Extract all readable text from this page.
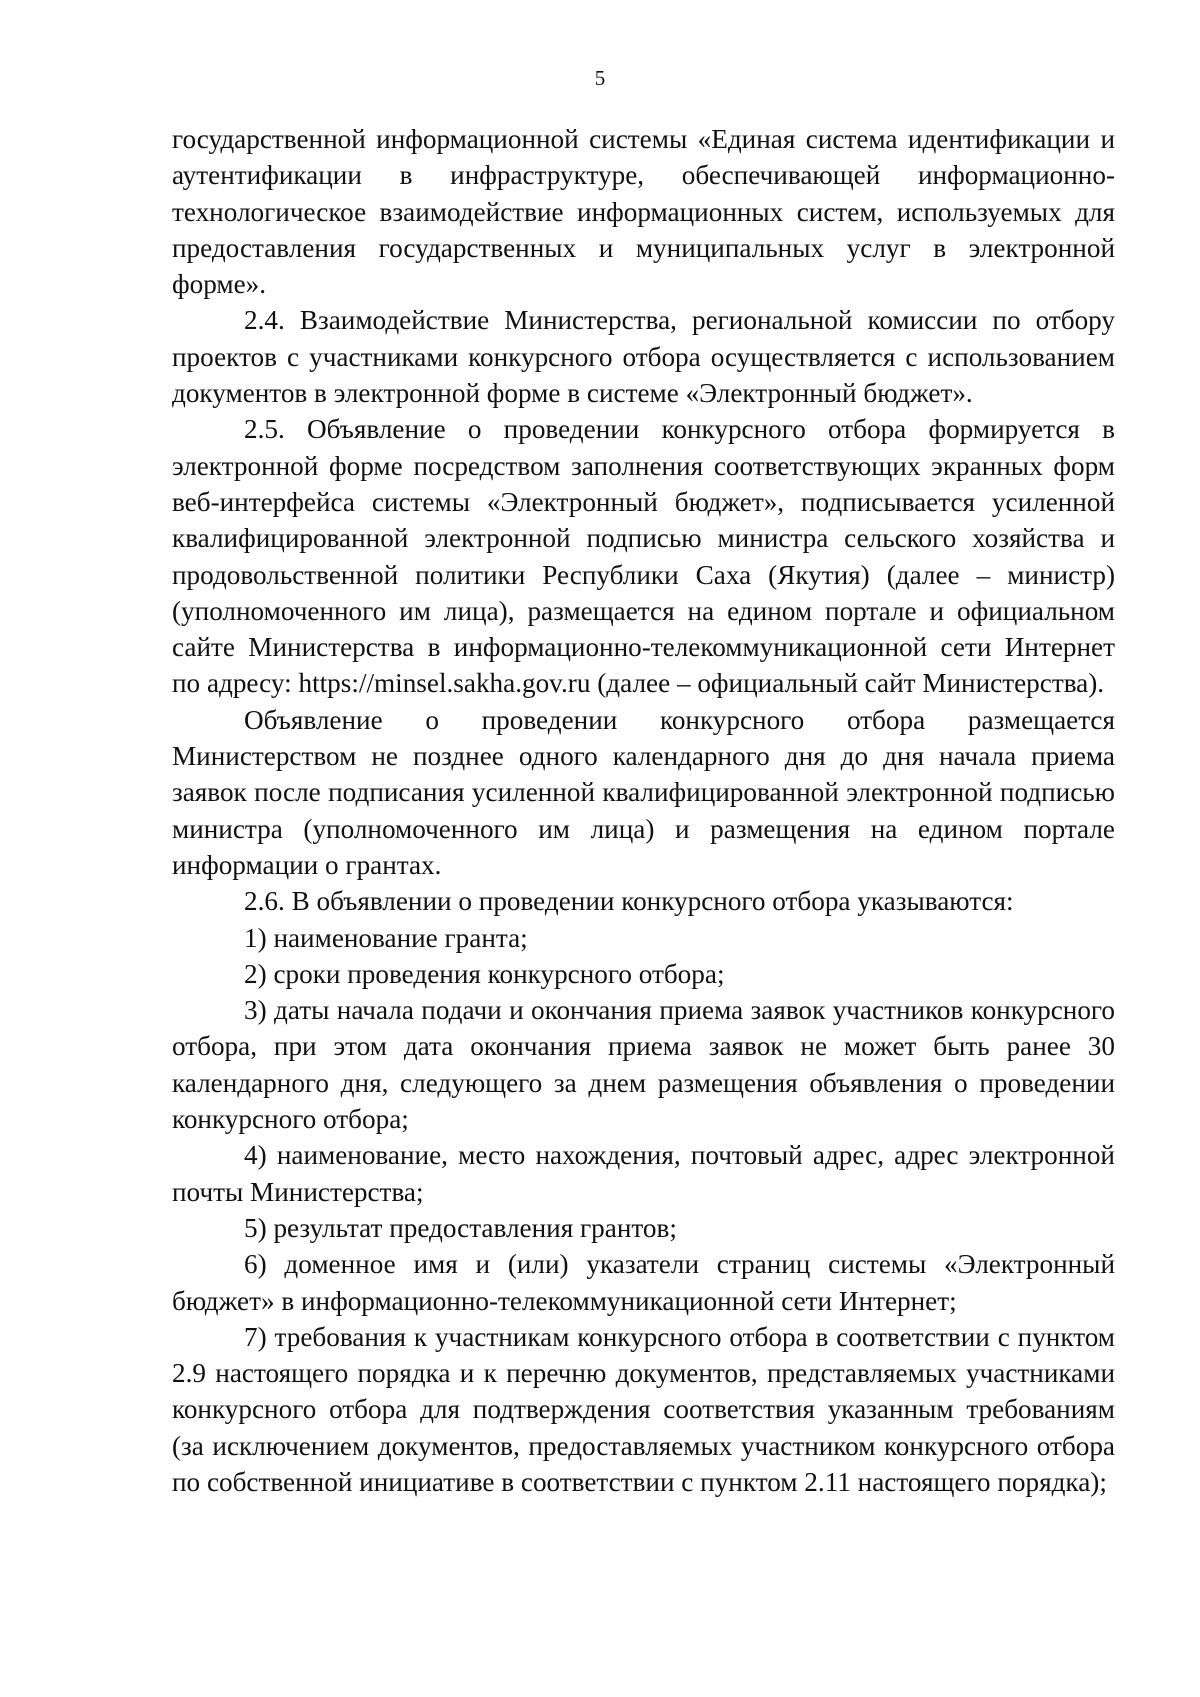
5

государственной информационной системы «Единая система идентификации и аутентификации в инфраструктуре, обеспечивающей информационно-технологическое взаимодействие информационных систем, используемых для предоставления государственных и муниципальных услуг в электронной форме».

2.4. Взаимодействие Министерства, региональной комиссии по отбору проектов с участниками конкурсного отбора осуществляется с использованием документов в электронной форме в системе «Электронный бюджет».

2.5. Объявление о проведении конкурсного отбора формируется в электронной форме посредством заполнения соответствующих экранных форм веб-интерфейса системы «Электронный бюджет», подписывается усиленной квалифицированной электронной подписью министра сельского хозяйства и продовольственной политики Республики Саха (Якутия) (далее – министр) (уполномоченного им лица), размещается на едином портале и официальном сайте Министерства в информационно-телекоммуникационной сети Интернет по адресу: https://minsel.sakha.gov.ru (далее – официальный сайт Министерства).

Объявление о проведении конкурсного отбора размещается Министерством не позднее одного календарного дня до дня начала приема заявок после подписания усиленной квалифицированной электронной подписью министра (уполномоченного им лица) и размещения на едином портале информации о грантах.

2.6. В объявлении о проведении конкурсного отбора указываются:

1) наименование гранта;

2) сроки проведения конкурсного отбора;

3) даты начала подачи и окончания приема заявок участников конкурсного отбора, при этом дата окончания приема заявок не может быть ранее 30 календарного дня, следующего за днем размещения объявления о проведении конкурсного отбора;

4) наименование, место нахождения, почтовый адрес, адрес электронной почты Министерства;

5) результат предоставления грантов;

6) доменное имя и (или) указатели страниц системы «Электронный бюджет» в информационно-телекоммуникационной сети Интернет;

7) требования к участникам конкурсного отбора в соответствии с пунктом 2.9 настоящего порядка и к перечню документов, представляемых участниками конкурсного отбора для подтверждения соответствия указанным требованиям (за исключением документов, предоставляемых участником конкурсного отбора по собственной инициативе в соответствии с пунктом 2.11 настоящего порядка);
